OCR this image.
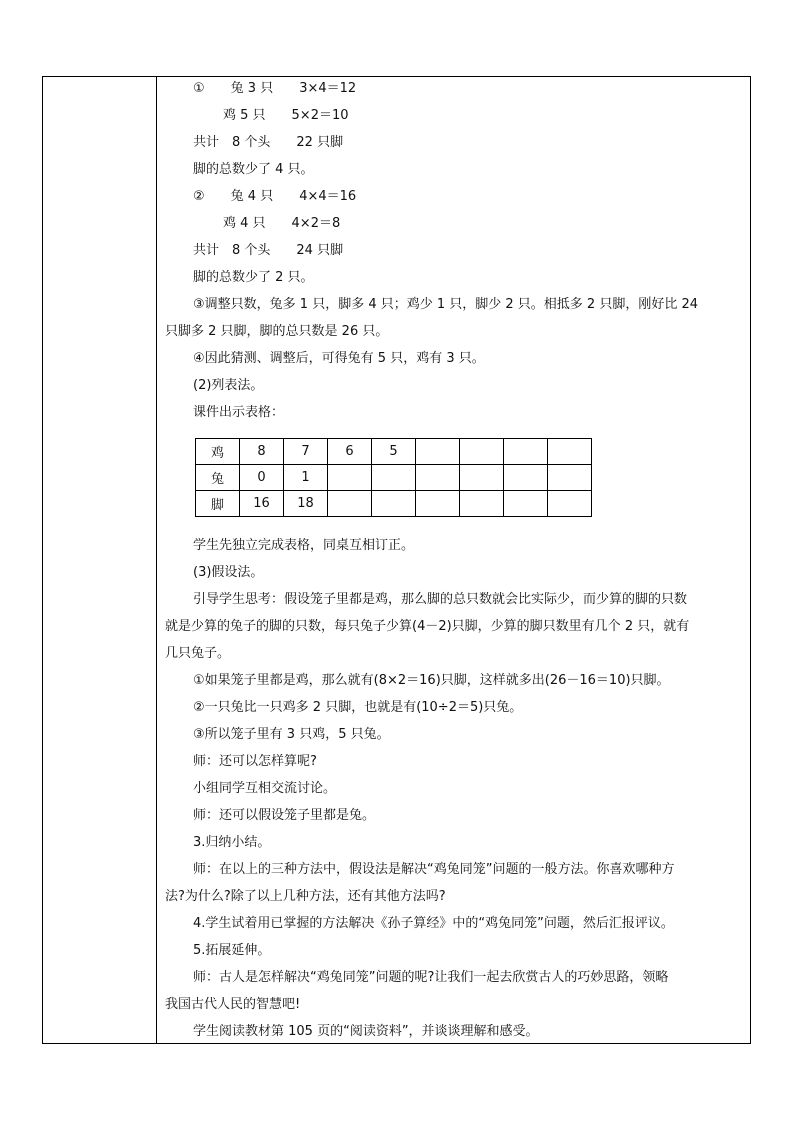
①　　兔 3 只　　3×4＝12
鸡 5 只　　5×2＝10
共计　8 个头　　22 只脚
脚的总数少了 4 只。
②　　兔 4 只　　4×4＝16
鸡 4 只　　4×2＝8
共计　8 个头　　24 只脚
脚的总数少了 2 只。
③调整只数，兔多 1 只，脚多 4 只；鸡少 1 只，脚少 2 只。相抵多 2 只脚，刚好比 24
只脚多 2 只脚，脚的总只数是 26 只。
④因此猜测、调整后，可得兔有 5 只，鸡有 3 只。
(2)列表法。
课件出示表格：
鸡	8	7	6	5				
兔	0	1						
脚	16	18						
学生先独立完成表格，同桌互相订正。
(3)假设法。
引导学生思考：假设笼子里都是鸡，那么脚的总只数就会比实际少，而少算的脚的只数
就是少算的兔子的脚的只数，每只兔子少算(4－2)只脚，少算的脚只数里有几个 2 只，就有
几只兔子。
①如果笼子里都是鸡，那么就有(8×2＝16)只脚，这样就多出(26－16＝10)只脚。
②一只兔比一只鸡多 2 只脚，也就是有(10÷2＝5)只兔。
③所以笼子里有 3 只鸡，5 只兔。
师：还可以怎样算呢?
小组同学互相交流讨论。
师：还可以假设笼子里都是兔。
3.归纳小结。
师：在以上的三种方法中，假设法是解决“鸡兔同笼”问题的一般方法。你喜欢哪种方
法?为什么?除了以上几种方法，还有其他方法吗?
4.学生试着用已掌握的方法解决《孙子算经》中的“鸡兔同笼”问题，然后汇报评议。
5.拓展延伸。
师：古人是怎样解决“鸡兔同笼”问题的呢?让我们一起去欣赏古人的巧妙思路，领略
我国古代人民的智慧吧!
学生阅读教材第 105 页的“阅读资料”，并谈谈理解和感受。
